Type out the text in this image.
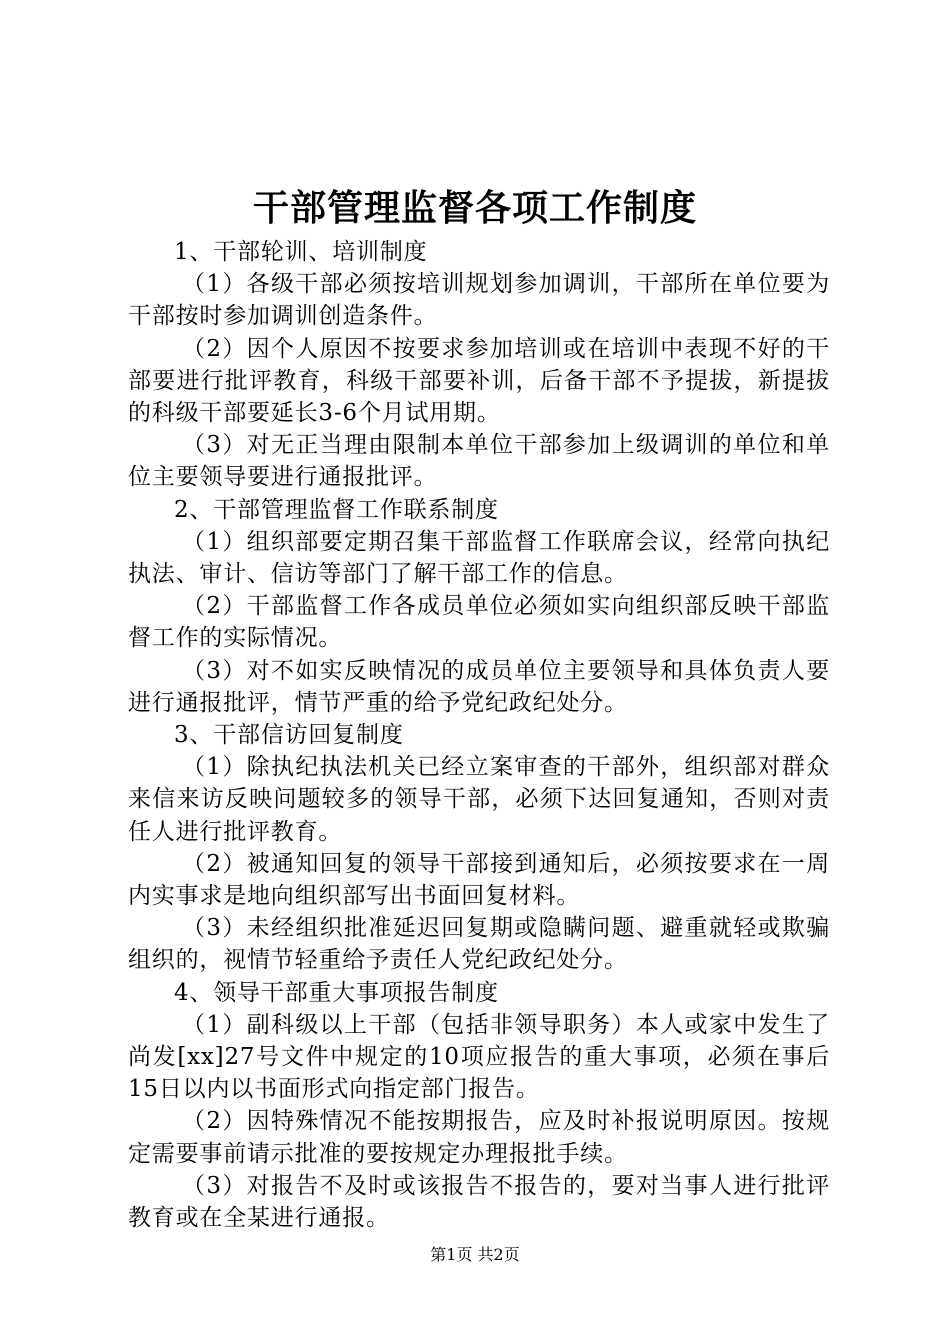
干部管理监督各项工作制度

1、干部轮训、培训制度

（1）各级干部必须按培训规划参加调训，干部所在单位要为干部按时参加调训创造条件。

（2）因个人原因不按要求参加培训或在培训中表现不好的干部要进行批评教育，科级干部要补训，后备干部不予提拔，新提拔的科级干部要延长3-6个月试用期。

（3）对无正当理由限制本单位干部参加上级调训的单位和单位主要领导要进行通报批评。

2、干部管理监督工作联系制度

（1）组织部要定期召集干部监督工作联席会议，经常向执纪执法、审计、信访等部门了解干部工作的信息。

（2）干部监督工作各成员单位必须如实向组织部反映干部监督工作的实际情况。

（3）对不如实反映情况的成员单位主要领导和具体负责人要进行通报批评，情节严重的给予党纪政纪处分。

3、干部信访回复制度

（1）除执纪执法机关已经立案审查的干部外，组织部对群众来信来访反映问题较多的领导干部，必须下达回复通知，否则对责任人进行批评教育。

（2）被通知回复的领导干部接到通知后，必须按要求在一周内实事求是地向组织部写出书面回复材料。

（3）未经组织批准延迟回复期或隐瞒问题、避重就轻或欺骗组织的，视情节轻重给予责任人党纪政纪处分。

4、领导干部重大事项报告制度

（1）副科级以上干部（包括非领导职务）本人或家中发生了尚发[xx]27号文件中规定的10项应报告的重大事项，必须在事后15日以内以书面形式向指定部门报告。

（2）因特殊情况不能按期报告，应及时补报说明原因。按规定需要事前请示批准的要按规定办理报批手续。

（3）对报告不及时或该报告不报告的，要对当事人进行批评教育或在全某进行通报。

第1页 共2页
